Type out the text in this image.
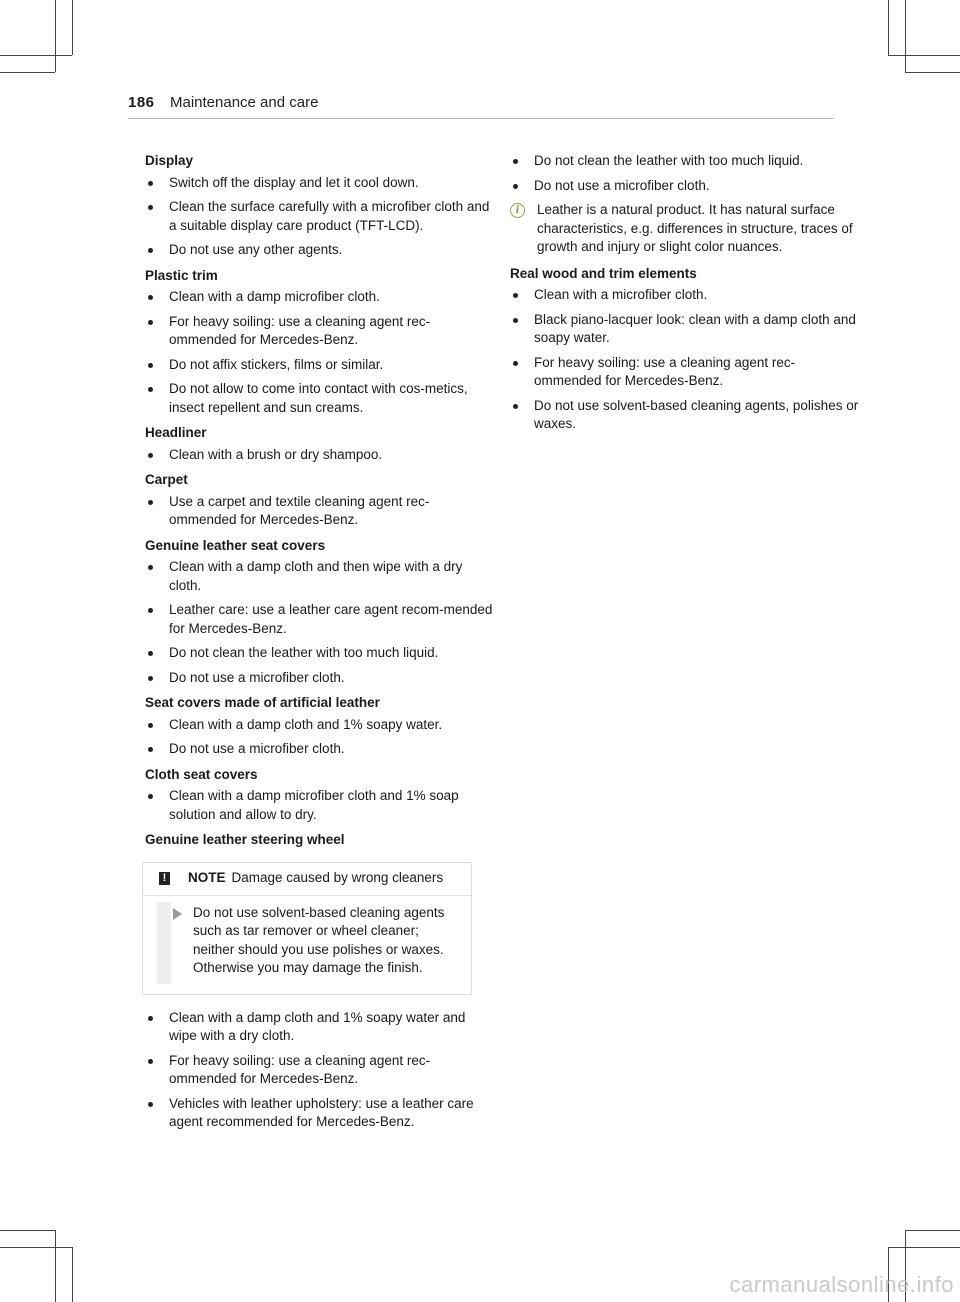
186 Maintenance and care
Display
Switch off the display and let it cool down.
Clean the surface carefully with a microfiber cloth and a suitable display care product (TFT-LCD).
Do not use any other agents.
Plastic trim
Clean with a damp microfiber cloth.
For heavy soiling: use a cleaning agent rec-ommended for Mercedes-Benz.
Do not affix stickers, films or similar.
Do not allow to come into contact with cos-metics, insect repellent and sun creams.
Headliner
Clean with a brush or dry shampoo.
Carpet
Use a carpet and textile cleaning agent rec-ommended for Mercedes-Benz.
Genuine leather seat covers
Clean with a damp cloth and then wipe with a dry cloth.
Leather care: use a leather care agent recom-mended for Mercedes-Benz.
Do not clean the leather with too much liquid.
Do not use a microfiber cloth.
Seat covers made of artificial leather
Clean with a damp cloth and 1% soapy water.
Do not use a microfiber cloth.
Cloth seat covers
Clean with a damp microfiber cloth and 1% soap solution and allow to dry.
Genuine leather steering wheel
! NOTE Damage caused by wrong cleaners
Do not use solvent-based cleaning agents such as tar remover or wheel cleaner; neither should you use polishes or waxes. Otherwise you may damage the finish.
Clean with a damp cloth and 1% soapy water and wipe with a dry cloth.
For heavy soiling: use a cleaning agent rec-ommended for Mercedes-Benz.
Vehicles with leather upholstery: use a leather care agent recommended for Mercedes-Benz.
Do not clean the leather with too much liquid.
Do not use a microfiber cloth.
i	Leather is a natural product. It has natural surface characteristics, e.g. differences in structure, traces of growth and injury or slight color nuances.
Real wood and trim elements
Clean with a microfiber cloth.
Black piano-lacquer look: clean with a damp cloth and soapy water.
For heavy soiling: use a cleaning agent rec-ommended for Mercedes-Benz.
Do not use solvent-based cleaning agents, polishes or waxes.
carmanualsonline.info
